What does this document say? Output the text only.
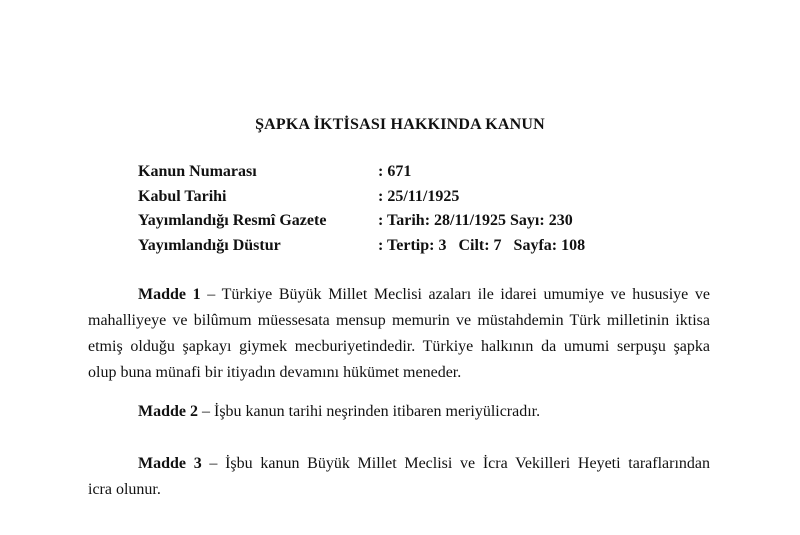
ŞAPKA İKTİSASI HAKKINDA KANUN
Kanun Numarası	: 671
Kabul Tarihi	: 25/11/1925
Yayımlandığı Resmî Gazete	: Tarih: 28/11/1925 Sayı: 230
Yayımlandığı Düstur	: Tertip: 3   Cilt: 7   Sayfa: 108
Madde 1 – Türkiye Büyük Millet Meclisi azaları ile idarei umumiye ve hususiye ve
mahalliyeye ve bilûmum müessesata mensup memurin ve müstahdemin Türk milletinin iktisa
etmiş olduğu şapkayı giymek mecburiyetindedir. Türkiye halkının da umumi serpuşu şapka
olup buna münafi bir itiyadın devamını hükümet meneder.
Madde 2 – İşbu kanun tarihi neşrinden itibaren meriyülicradır.
Madde 3 – İşbu kanun Büyük Millet Meclisi ve İcra Vekilleri Heyeti taraflarından
icra olunur.
